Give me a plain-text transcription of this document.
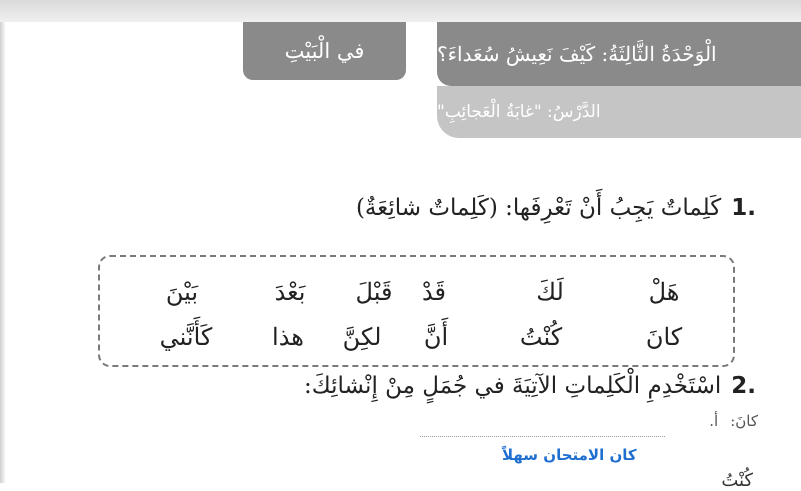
في الْبَيْتِ	الْوَحْدَةُ الثَّالِثَةُ: كَيْفَ نَعِيشُ سُعَداءَ؟
الدَّرْسُ: "غابَةُ الْعَجائِبِ"
1.
كَلِماتٌ يَجِبُ أَنْ تَعْرِفَها: (كَلِماتٌ شائِعَةٌ)
هَلْ
لَكَ
قَدْ
قَبْلَ
بَعْدَ
بَيْنَ
كانَ
كُنْتُ
أَنَّ
لكِنَّ
هذا
كَأَنَّني
2.
اسْتَخْدِمِ الْكَلِماتِ الآتِيَةَ في جُمَلٍ مِنْ إِنْشائِكَ:
أ. كانَ:
كان الامتحان سهلاً
كُنْتُ
